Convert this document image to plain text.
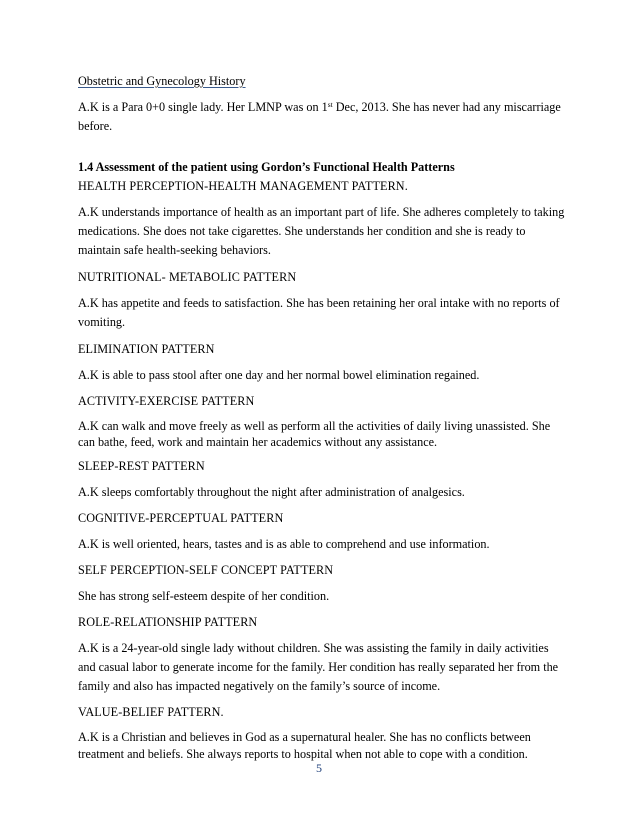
Obstetric and Gynecology History

A.K is a Para 0+0 single lady. Her LMNP was on 1st Dec, 2013. She has never had any miscarriage before.

1.4 Assessment of the patient using Gordon’s Functional Health Patterns

HEALTH PERCEPTION-HEALTH MANAGEMENT PATTERN.

A.K understands importance of health as an important part of life. She adheres completely to taking medications. She does not take cigarettes. She understands her condition and she is ready to maintain safe health-seeking behaviors.

NUTRITIONAL- METABOLIC PATTERN

A.K has appetite and feeds to satisfaction. She has been retaining her oral intake with no reports of vomiting.

ELIMINATION PATTERN

A.K is able to pass stool after one day and her normal bowel elimination regained.

ACTIVITY-EXERCISE PATTERN

A.K can walk and move freely as well as perform all the activities of daily living unassisted. She can bathe, feed, work and maintain her academics without any assistance.

SLEEP-REST PATTERN

A.K sleeps comfortably throughout the night after administration of analgesics.

COGNITIVE-PERCEPTUAL PATTERN

A.K is well oriented, hears, tastes and is as able to comprehend and use information.

SELF PERCEPTION-SELF CONCEPT PATTERN

She has strong self-esteem despite of her condition.

ROLE-RELATIONSHIP PATTERN

A.K is a 24-year-old single lady without children. She was assisting the family in daily activities and casual labor to generate income for the family. Her condition has really separated her from the family and also has impacted negatively on the family’s source of income.

VALUE-BELIEF PATTERN.

A.K is a Christian and believes in God as a supernatural healer. She has no conflicts between treatment and beliefs. She always reports to hospital when not able to cope with a condition.

5
